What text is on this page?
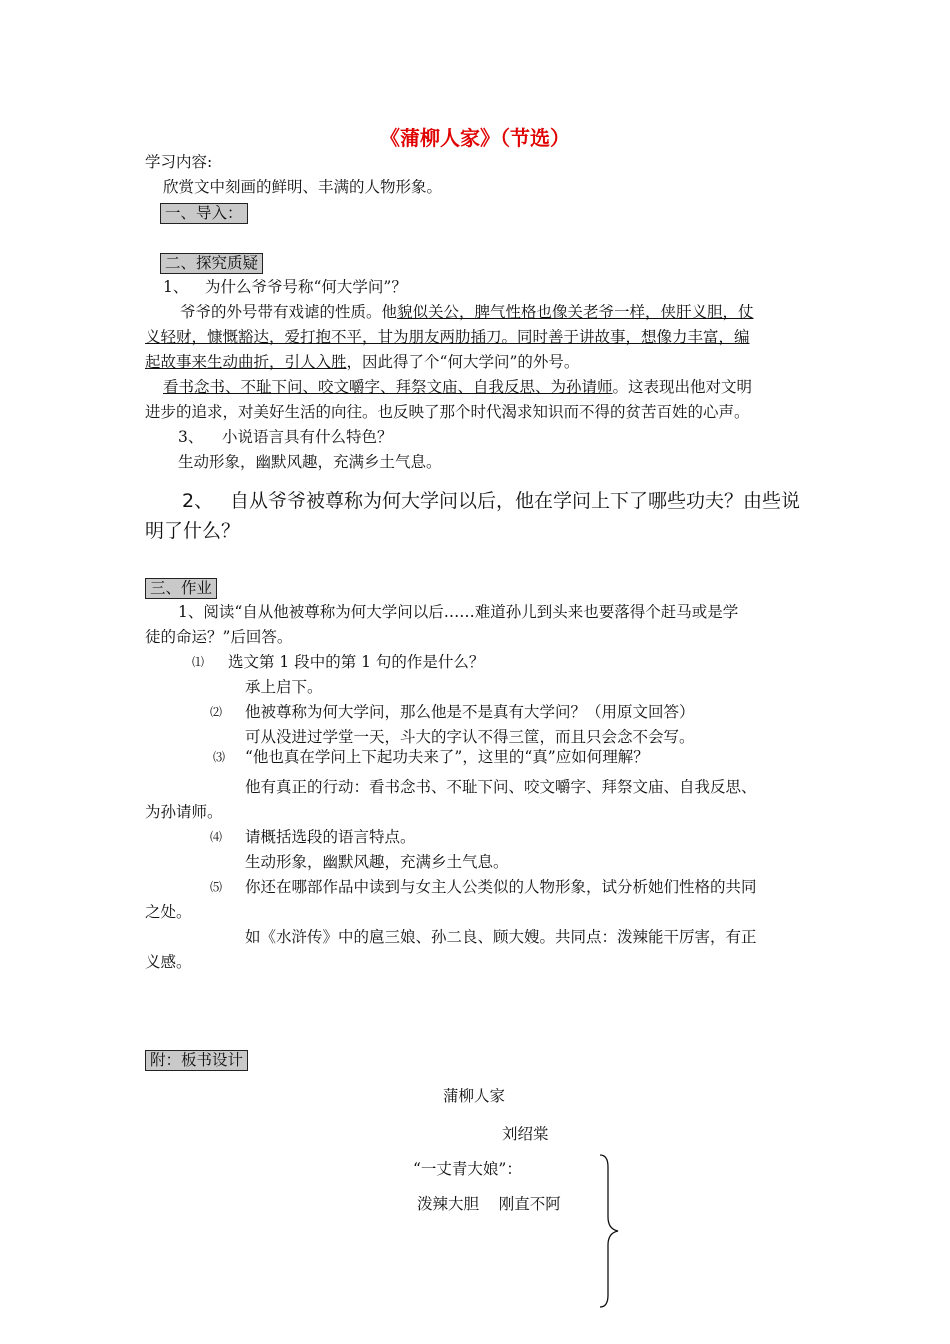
《蒲柳人家》（节选）
学习内容:
欣赏文中刻画的鲜明、丰满的人物形象。
一、导入：
二、探究质疑
1、 为什么爷爷号称“何大学问”？
爷爷的外号带有戏谑的性质。他貌似关公，脾气性格也像关老爷一样，侠肝义胆，仗
义轻财，慷慨豁达，爱打抱不平，甘为朋友两肋插刀。同时善于讲故事，想像力丰富，编
起故事来生动曲折，引人入胜，因此得了个“何大学问”的外号。
看书念书、不耻下问、咬文嚼字、拜祭文庙、自我反思、为孙请师。这表现出他对文明
进步的追求，对美好生活的向往。也反映了那个时代渴求知识而不得的贫苦百姓的心声。
3、 小说语言具有什么特色？
生动形象，幽默风趣，充满乡土气息。
2、 自从爷爷被尊称为何大学问以后，他在学问上下了哪些功夫？由些说
明了什么？
三、作业
1、阅读“自从他被尊称为何大学问以后……难道孙儿到头来也要落得个赶马或是学
徒的命运？”后回答。
⑴ 选文第 1 段中的第 1 句的作是什么？
承上启下。
⑵ 他被尊称为何大学问，那么他是不是真有大学问？（用原文回答）
可从没进过学堂一天，斗大的字认不得三筐，而且只会念不会写。
⑶ “他也真在学问上下起功夫来了”，这里的“真”应如何理解？
他有真正的行动：看书念书、不耻下问、咬文嚼字、拜祭文庙、自我反思、
为孙请师。
⑷ 请概括选段的语言特点。
生动形象，幽默风趣，充满乡土气息。
⑸ 你还在哪部作品中读到与女主人公类似的人物形象，试分析她们性格的共同
之处。
如《水浒传》中的扈三娘、孙二良、顾大嫂。共同点：泼辣能干厉害，有正
义感。
附：板书设计
蒲柳人家
刘绍棠
“一丈青大娘”：
泼辣大胆    刚直不阿
